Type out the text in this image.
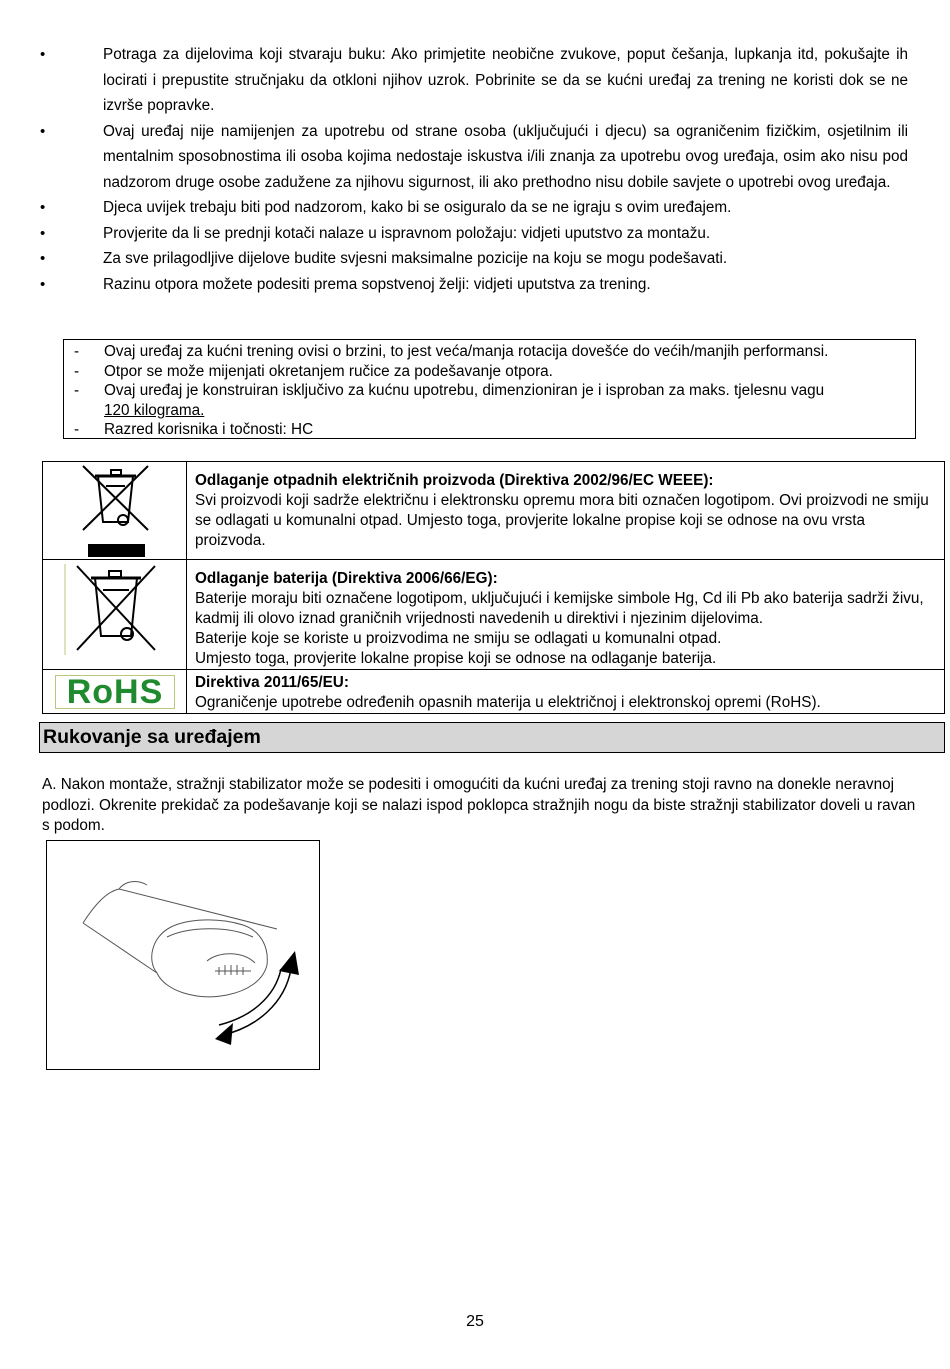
•	Potraga za dijelovima koji stvaraju buku: Ako primjetite neobične zvukove, poput češanja, lupkanja itd, pokušajte ih locirati i prepustite stručnjaku da otkloni njihov uzrok. Pobrinite se da se kućni uređaj za trening ne koristi dok se ne izvrše popravke.
•	Ovaj uređaj nije namijenjen za upotrebu od strane osoba (uključujući i djecu) sa ograničenim fizičkim, osjetilnim ili mentalnim sposobnostima ili osoba kojima nedostaje iskustva i/ili znanja za upotrebu ovog uređaja, osim ako nisu pod nadzorom druge osobe zadužene za njihovu sigurnost, ili ako prethodno nisu dobile savjete o upotrebi ovog uređaja.
•	Djeca uvijek trebaju biti pod nadzorom, kako bi se osiguralo da se ne igraju s ovim uređajem.
•	Provjerite da li se prednji kotači nalaze u ispravnom položaju: vidjeti uputstvo za montažu.
•	Za sve prilagodljive dijelove budite svjesni maksimalne pozicije na koju se mogu podešavati.
•	Razinu otpora možete podesiti prema sopstvenoj želji: vidjeti uputstva za trening.
- Ovaj uređaj za kućni trening ovisi o brzini, to jest veća/manja rotacija dovešće do većih/manjih performansi.
- Otpor se može mijenjati okretanjem ručice za podešavanje otpora.
- Ovaj uređaj je konstruiran isključivo za kućnu upotrebu, dimenzioniran je i isproban za maks. tjelesnu vagu
120 kilograma.
- Razred korisnika i točnosti: HC

Odlaganje otpadnih električnih proizvoda (Direktiva 2002/96/EC WEEE):
Svi proizvodi koji sadrže električnu i elektronsku opremu mora biti označen logotipom. Ovi proizvodi ne smiju se odlagati u komunalni otpad. Umjesto toga, provjerite lokalne propise koji se odnose na ovu vrsta proizvoda.

Odlaganje baterija (Direktiva 2006/66/EG):
Baterije moraju biti označene logotipom, uključujući i kemijske simbole Hg, Cd ili Pb ako baterija sadrži živu, kadmij ili olovo iznad graničnih vrijednosti navedenih u direktivi i njezinim dijelovima.
Baterije koje se koriste u proizvodima ne smiju se odlagati u komunalni otpad.
Umjesto toga, provjerite lokalne propise koji se odnose na odlaganje baterija.

RoHS	Direktiva 2011/65/EU:
Ograničenje upotrebe određenih opasnih materija u električnoj i elektronskoj opremi (RoHS).
Rukovanje sa uređajem
A. Nakon montaže, stražnji stabilizator može se podesiti i omogućiti da kućni uređaj za trening stoji ravno na donekle neravnoj podlozi. Okrenite prekidač za podešavanje koji se nalazi ispod poklopca stražnjih nogu da biste stražnji stabilizator doveli u ravan s podom.
25
